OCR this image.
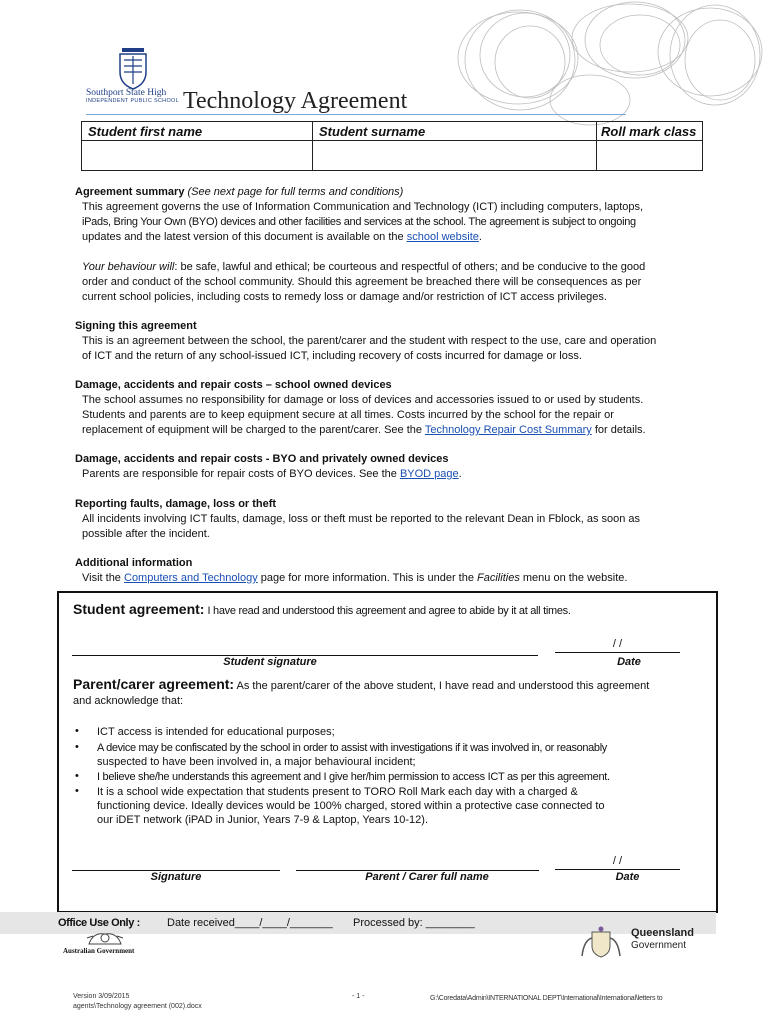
Southport State High
INDEPENDENT PUBLIC SCHOOL Technology Agreement
Student first name	Student surname	Roll mark class

Agreement summary (See next page for full terms and conditions)
This agreement governs the use of Information Communication and Technology (ICT) including computers, laptops,
iPads, Bring Your Own (BYO) devices and other facilities and services at the school. The agreement is subject to ongoing
updates and the latest version of this document is available on the school website.
Your behaviour will: be safe, lawful and ethical; be courteous and respectful of others; and be conducive to the good
order and conduct of the school community. Should this agreement be breached there will be consequences as per
current school policies, including costs to remedy loss or damage and/or restriction of ICT access privileges.
Signing this agreement
This is an agreement between the school, the parent/carer and the student with respect to the use, care and operation
of ICT and the return of any school-issued ICT, including recovery of costs incurred for damage or loss.
Damage, accidents and repair costs – school owned devices
The school assumes no responsibility for damage or loss of devices and accessories issued to or used by students.
Students and parents are to keep equipment secure at all times. Costs incurred by the school for the repair or
replacement of equipment will be charged to the parent/carer. See the Technology Repair Cost Summary for details.
Damage, accidents and repair costs - BYO and privately owned devices
Parents are responsible for repair costs of BYO devices. See the BYOD page.
Reporting faults, damage, loss or theft
All incidents involving ICT faults, damage, loss or theft must be reported to the relevant Dean in Fblock, as soon as
possible after the incident.
Additional information
Visit the Computers and Technology page for more information. This is under the Facilities menu on the website.
Student agreement: I have read and understood this agreement and agree to abide by it at all times.
/ /
Student signature	Date
Parent/carer agreement: As the parent/carer of the above student, I have read and understood this agreement
and acknowledge that:
• ICT access is intended for educational purposes;
• A device may be confiscated by the school in order to assist with investigations if it was involved in, or reasonably
suspected to have been involved in, a major behavioural incident;
• I believe she/he understands this agreement and I give her/him permission to access ICT as per this agreement.
• It is a school wide expectation that students present to TORO Roll Mark each day with a charged &
functioning device. Ideally devices would be 100% charged, stored within a protective case connected to
our iDET network (iPAD in Junior, Years 7-9 & Laptop, Years 10-12).
/ /
Signature	Parent / Carer full name	Date
Office Use Only : Date received____/____/_______ Processed by: ________
Australian Government
Queensland
Government
Version 3/09/2015
agents\Technology agreement (002).docx
- 1 -	G:\Coredata\Admin\INTERNATIONAL DEPT\International\International\letters to
